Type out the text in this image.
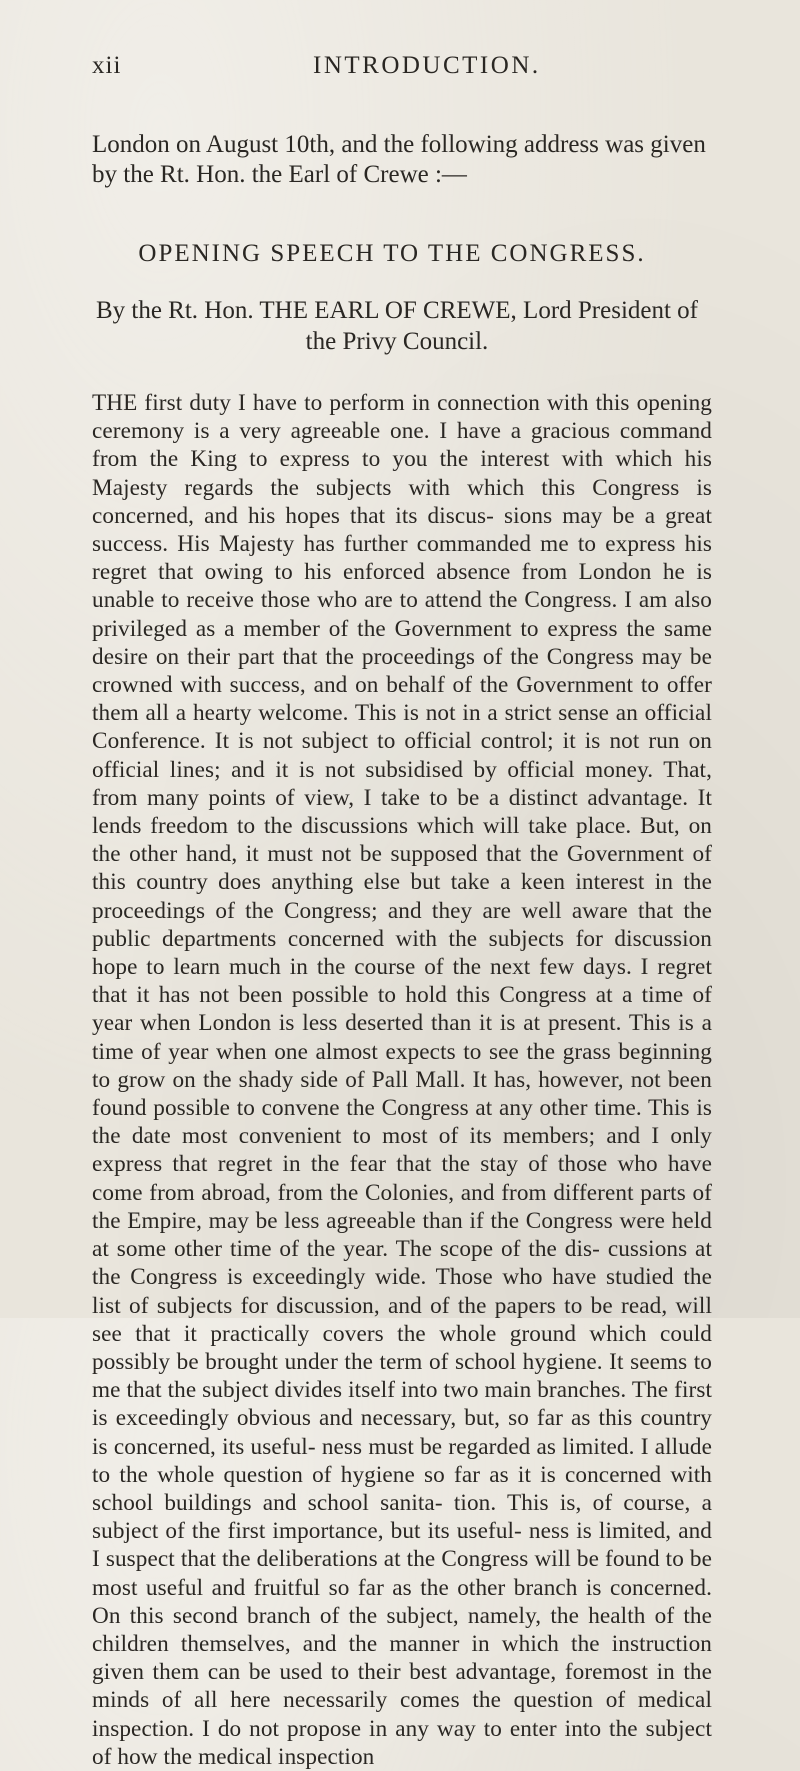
xii	INTRODUCTION.

London on August 10th, and the following address was given by the Rt. Hon. the Earl of Crewe :—

OPENING SPEECH TO THE CONGRESS.
By the Rt. Hon. THE EARL OF CREWE, Lord President of the Privy Council.

THE first duty I have to perform in connection with this opening ceremony is a very agreeable one. I have a gracious command from the King to express to you the interest with which his Majesty regards the subjects with which this Congress is concerned, and his hopes that its discus- sions may be a great success. His Majesty has further commanded me to express his regret that owing to his enforced absence from London he is unable to receive those who are to attend the Congress. I am also privileged as a member of the Government to express the same desire on their part that the proceedings of the Congress may be crowned with success, and on behalf of the Government to offer them all a hearty welcome. This is not in a strict sense an official Conference. It is not subject to official control; it is not run on official lines; and it is not subsidised by official money. That, from many points of view, I take to be a distinct advantage. It lends freedom to the discussions which will take place. But, on the other hand, it must not be supposed that the Government of this country does anything else but take a keen interest in the proceedings of the Congress; and they are well aware that the public departments concerned with the subjects for discussion hope to learn much in the course of the next few days. I regret that it has not been possible to hold this Congress at a time of year when London is less deserted than it is at present. This is a time of year when one almost expects to see the grass beginning to grow on the shady side of Pall Mall. It has, however, not been found possible to convene the Congress at any other time. This is the date most convenient to most of its members; and I only express that regret in the fear that the stay of those who have come from abroad, from the Colonies, and from different parts of the Empire, may be less agreeable than if the Congress were held at some other time of the year. The scope of the dis- cussions at the Congress is exceedingly wide. Those who have studied the list of subjects for discussion, and of the papers to be read, will see that it practically covers the whole ground which could possibly be brought under the term of school hygiene. It seems to me that the subject divides itself into two main branches. The first is exceedingly obvious and necessary, but, so far as this country is concerned, its useful- ness must be regarded as limited. I allude to the whole question of hygiene so far as it is concerned with school buildings and school sanita- tion. This is, of course, a subject of the first importance, but its useful- ness is limited, and I suspect that the deliberations at the Congress will be found to be most useful and fruitful so far as the other branch is concerned. On this second branch of the subject, namely, the health of the children themselves, and the manner in which the instruction given them can be used to their best advantage, foremost in the minds of all here necessarily comes the question of medical inspection. I do not propose in any way to enter into the subject of how the medical inspection
